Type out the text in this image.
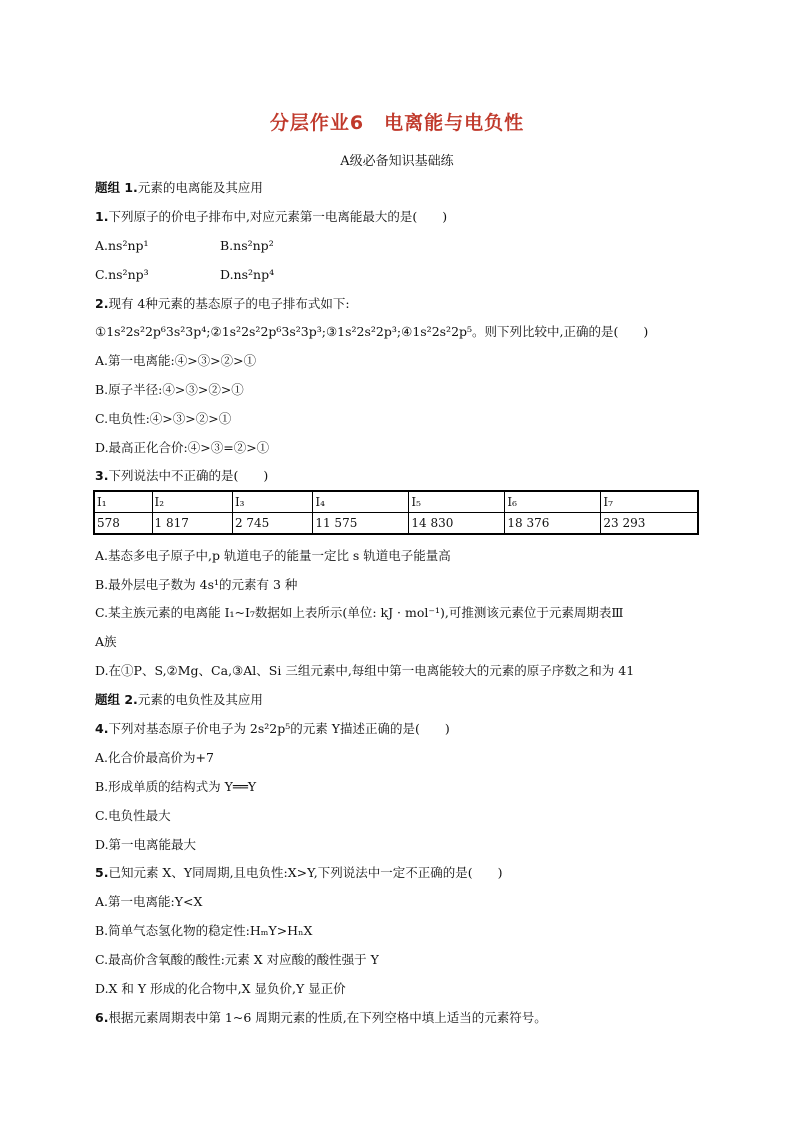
分层作业6　电离能与电负性
A级必备知识基础练
题组 1.元素的电离能及其应用
1.下列原子的价电子排布中,对应元素第一电离能最大的是(　　)
A.ns²np¹	B.ns²np²
C.ns²np³	D.ns²np⁴
2.现有 4种元素的基态原子的电子排布式如下:
①1s²2s²2p⁶3s²3p⁴;②1s²2s²2p⁶3s²3p³;③1s²2s²2p³;④1s²2s²2p⁵。则下列比较中,正确的是(　　)
A.第一电离能:④>③>②>①
B.原子半径:④>③>②>①
C.电负性:④>③>②>①
D.最高正化合价:④>③=②>①
3.下列说法中不正确的是(　　)
I₁	I₂	I₃	I₄	I₅	I₆	I₇
578	1 817	2 745	11 575	14 830	18 376	23 293
A.基态多电子原子中,p 轨道电子的能量一定比 s 轨道电子能量高
B.最外层电子数为 4s¹的元素有 3 种
C.某主族元素的电离能 I₁~I₇数据如上表所示(单位: kJ · mol⁻¹),可推测该元素位于元素周期表Ⅲ
A族
D.在①P、S,②Mg、Ca,③Al、Si 三组元素中,每组中第一电离能较大的元素的原子序数之和为 41
题组 2.元素的电负性及其应用
4.下列对基态原子价电子为 2s²2p⁵的元素 Y描述正确的是(　　)
A.化合价最高价为+7
B.形成单质的结构式为 Y══Y
C.电负性最大
D.第一电离能最大
5.已知元素 X、Y同周期,且电负性:X>Y,下列说法中一定不正确的是(　　)
A.第一电离能:Y<X
B.简单气态氢化物的稳定性:HₘY>HₙX
C.最高价含氧酸的酸性:元素 X 对应酸的酸性强于 Y
D.X 和 Y 形成的化合物中,X 显负价,Y 显正价
6.根据元素周期表中第 1~6 周期元素的性质,在下列空格中填上适当的元素符号。
